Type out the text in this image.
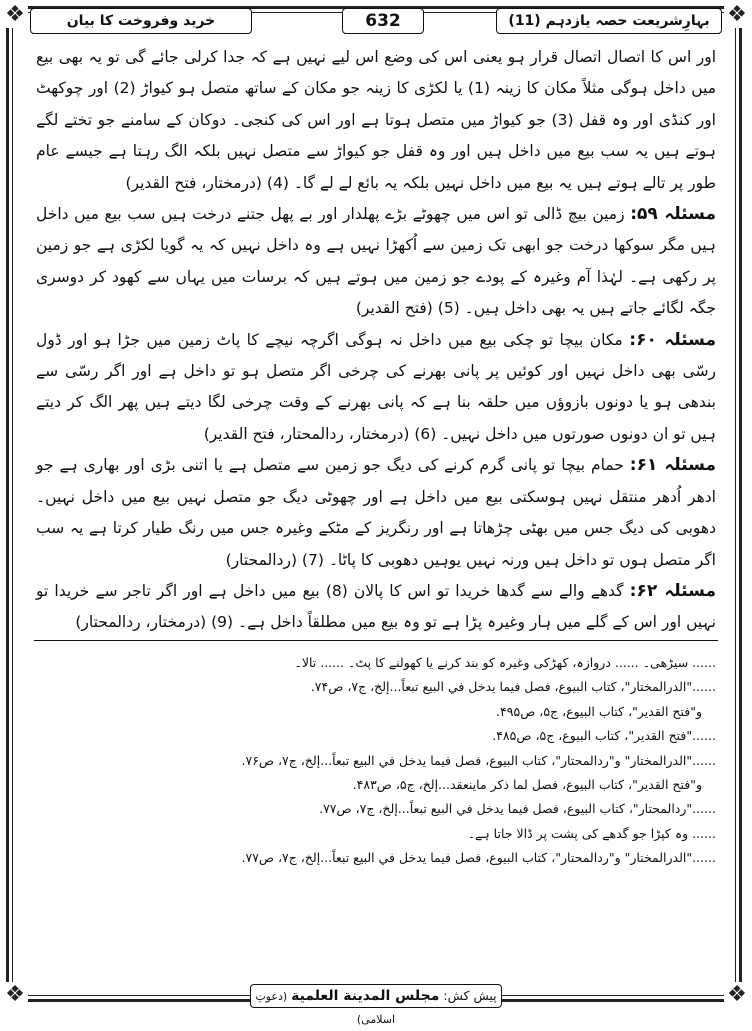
❖	❖
❖	❖
بہارِشریعت حصہ یازدہم (11)
632
خرید وفروخت کا بیان

اور اس کا اتصال اتصال قرار ہو یعنی اس کی وضع اس لیے نہیں ہے کہ جدا کرلی جائے گی تو یہ بھی بیع میں داخل ہوگی مثلاً مکان کا زینہ (1) یا لکڑی کا زینہ جو مکان کے ساتھ متصل ہو کیواڑ (2) اور چوکھٹ اور کنڈی اور وہ قفل (3) جو کیواڑ میں متصل ہوتا ہے اور اس کی کنجی۔ دوکان کے سامنے جو تختے لگے ہوتے ہیں یہ سب بیع میں داخل ہیں اور وہ قفل جو کیواڑ سے متصل نہیں بلکہ الگ رہتا ہے جیسے عام طور پر تالے ہوتے ہیں یہ بیع میں داخل نہیں بلکہ یہ بائع لے لے گا۔ (4) (درمختار، فتح القدیر)

مسئلہ ۵۹: زمین بیچ ڈالی تو اس میں چھوٹے بڑے پھلدار اور بے پھل جتنے درخت ہیں سب بیع میں داخل ہیں مگر سوکھا درخت جو ابھی تک زمین سے اُکھڑا نہیں ہے وہ داخل نہیں کہ یہ گویا لکڑی ہے جو زمین پر رکھی ہے۔ لہٰذا آم وغیرہ کے پودے جو زمین میں ہوتے ہیں کہ برسات میں یہاں سے کھود کر دوسری جگہ لگائے جاتے ہیں یہ بھی داخل ہیں۔ (5) (فتح القدیر)

مسئلہ ۶۰: مکان بیچا تو چکی بیع میں داخل نہ ہوگی اگرچہ نیچے کا پاٹ زمین میں جڑا ہو اور ڈول رسّی بھی داخل نہیں اور کوئیں پر پانی بھرنے کی چرخی اگر متصل ہو تو داخل ہے اور اگر رسّی سے بندھی ہو یا دونوں بازوؤں میں حلقہ بنا ہے کہ پانی بھرنے کے وقت چرخی لگا دیتے ہیں پھر الگ کر دیتے ہیں تو ان دونوں صورتوں میں داخل نہیں۔ (6) (درمختار، ردالمحتار، فتح القدیر)

مسئلہ ۶۱: حمام بیچا تو پانی گرم کرنے کی دیگ جو زمین سے متصل ہے یا اتنی بڑی اور بھاری ہے جو ادھر اُدھر منتقل نہیں ہوسکتی بیع میں داخل ہے اور چھوٹی دیگ جو متصل نہیں بیع میں داخل نہیں۔ دھوبی کی دیگ جس میں بھٹی چڑھاتا ہے اور رنگریز کے مٹکے وغیرہ جس میں رنگ طیار کرتا ہے یہ سب اگر متصل ہوں تو داخل ہیں ورنہ نہیں یوہیں دھوبی کا پاٹا۔ (7) (ردالمحتار)

مسئلہ ۶۲: گدھے والے سے گدھا خریدا تو اس کا پالان (8) بیع میں داخل ہے اور اگر تاجر سے خریدا تو نہیں اور اس کے گلے میں ہار وغیرہ پڑا ہے تو وہ بیع میں مطلقاً داخل ہے۔ (9) (درمختار، ردالمحتار)

...... سیڑھی۔ ...... دروازہ، کھڑکی وغیرہ کو بند کرنے یا کھولنے کا پٹ۔ ...... تالا۔

......"الدرالمختار"، كتاب البيوع، فصل فيما يدخل في البيع تبعاً...إلخ، ج۷، ص۷۴.

و"فتح القدير"، كتاب البيوع، ج۵، ص۴۹۵.

......"فتح القدير"، كتاب البيوع، ج۵، ص۴۸۵.

......"الدرالمختار" و"ردالمحتار"، كتاب البيوع، فصل فيما يدخل في البيع تبعاً...إلخ، ج۷، ص۷۶.

و"فتح القدير"، كتاب البيوع، فصل لما ذكر ماينعقد...إلخ، ج۵، ص۴۸۳.

......"ردالمحتار"، كتاب البيوع، فصل فيما يدخل في البيع تبعاً...إلخ، ج۷، ص۷۷.

...... وہ کپڑا جو گدھے کی پشت پر ڈالا جاتا ہے۔

......"الدرالمختار" و"ردالمحتار"، كتاب البيوع، فصل فيما يدخل في البيع تبعاً...إلخ، ج۷، ص۷۷.

پیش کش: مجلس المدينة العلمية (دعوتِ اسلامی)
